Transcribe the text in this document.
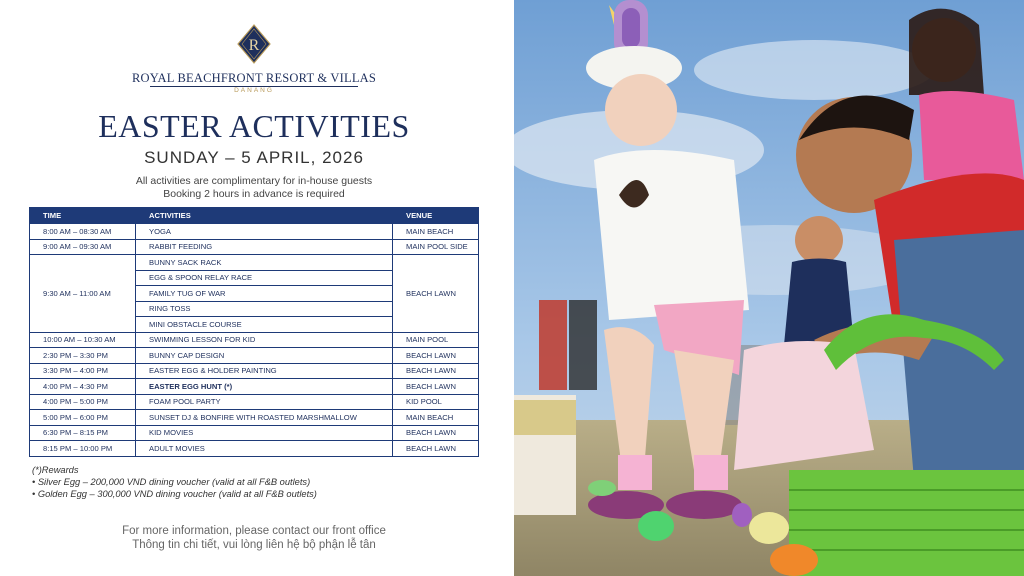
R
ROYAL BEACHFRONT RESORT & VILLAS
DANANG
EASTER ACTIVITIES
SUNDAY – 5 APRIL, 2026
All activities are complimentary for in-house guests
Booking 2 hours in advance is required
TIME	ACTIVITIES	VENUE
8:00 AM – 08:30 AM	YOGA	MAIN BEACH
9:00 AM – 09:30 AM	RABBIT FEEDING	MAIN POOL SIDE
9:30 AM – 11:00 AM	BUNNY SACK RACK	BEACH LAWN
	EGG & SPOON RELAY RACE	
	FAMILY TUG OF WAR	
	RING TOSS	
	MINI OBSTACLE COURSE	
10:00 AM – 10:30 AM	SWIMMING LESSON FOR KID	MAIN POOL
2:30 PM – 3:30 PM	BUNNY CAP DESIGN	BEACH LAWN
3:30 PM – 4:00 PM	EASTER EGG & HOLDER PAINTING	BEACH LAWN
4:00 PM – 4:30 PM	EASTER EGG HUNT (*)	BEACH LAWN
4:00 PM – 5:00 PM	FOAM POOL PARTY	KID POOL
5:00 PM – 6:00 PM	SUNSET DJ & BONFIRE WITH ROASTED MARSHMALLOW	MAIN BEACH
6:30 PM – 8:15 PM	KID MOVIES	BEACH LAWN
8:15 PM – 10:00 PM	ADULT MOVIES	BEACH LAWN
(*)Rewards
• Silver Egg – 200,000 VND dining voucher (valid at all F&B outlets)
• Golden Egg – 300,000 VND dining voucher (valid at all F&B outlets)
For more information, please contact our front office
Thông tin chi tiết, vui lòng liên hệ bộ phận lễ tân
